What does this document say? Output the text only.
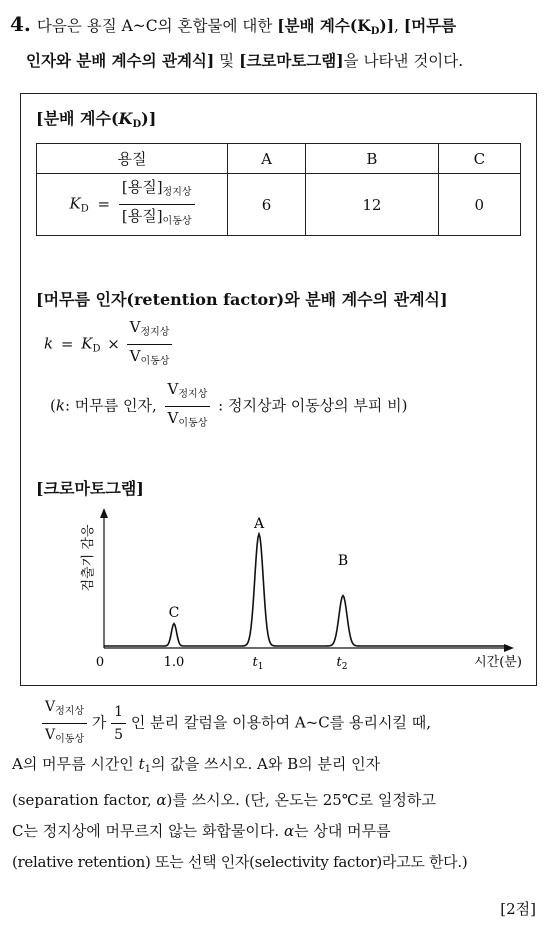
4. 다음은 용질 A~C의 혼합물에 대한 [분배 계수$(K_D)$], [머무름
인자와 분배 계수의 관계식] 및 [크로마토그램]을 나타낸 것이다.
[분배 계수$(K_D)$]
용질	A	B	C
$K_D = \frac{[용질]_{정지상}}{[용질]_{이동상}}$	6	12	0
[머무름 인자(retention factor)와 분배 계수의 관계식]
$k = K_D \times \frac{V_{정지상}}{V_{이동상}}$
(k: 머무름 인자, $\frac{V_{정지상}}{V_{이동상}}$ : 정지상과 이동상의 부피 비)
[크로마토그램]
검출기 감응
C
A
B
0	1.0	$t_1$	$t_2$	시간(분)
$\frac{V_{정지상}}{V_{이동상}}$ 가 $\frac{1}{5}$ 인 분리 칼럼을 이용하여 A~C를 용리시킬 때,
A의 머무름 시간인 $t_1$의 값을 쓰시오. A와 B의 분리 인자
(separation factor, α)를 쓰시오. (단, 온도는 25℃로 일정하고
C는 정지상에 머무르지 않는 화합물이다. α는 상대 머무름
(relative retention) 또는 선택 인자(selectivity factor)라고도 한다.)
[2점]
